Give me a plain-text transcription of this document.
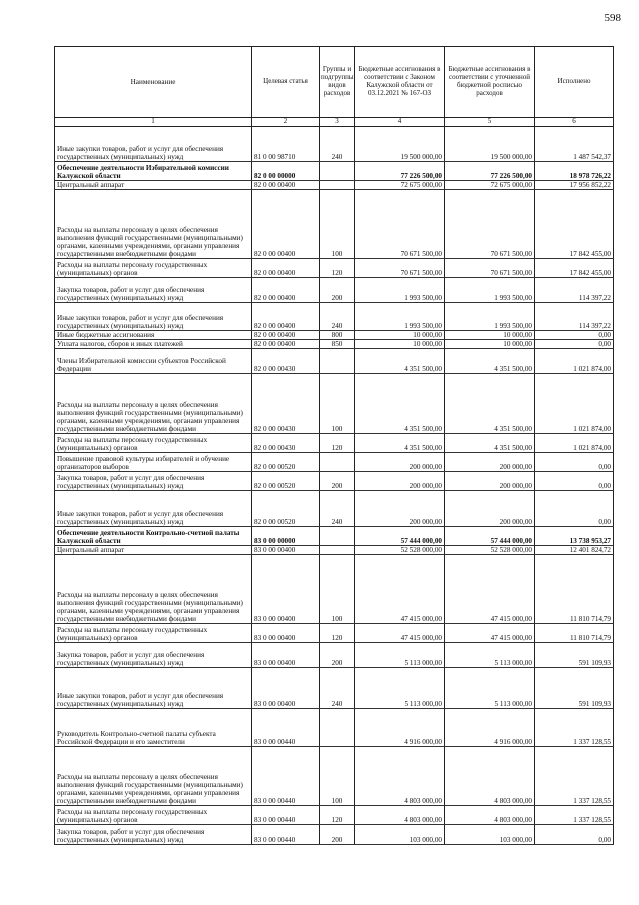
598
Наименование	Целевая статья	Группы и подгруппы видов расходов	Бюджетные ассигнования в соответствии с Законом Калужской области от 03.12.2021 № 167-ОЗ	Бюджетные ассигнования в соответствии с уточненной бюджетной росписью расходов	Исполнено
1	2	3	4	5	6
Иные закупки товаров, работ и услуг для обеспечения государственных (муниципальных) нужд	81 0 00 98710	240	19 500 000,00	19 500 000,00	1 487 542,37
Обеспечение деятельности Избирательной комиссии Калужской области	82 0 00 00000		77 226 500,00	77 226 500,00	18 978 726,22
Центральный аппарат	82 0 00 00400		72 675 000,00	72 675 000,00	17 956 852,22
Расходы на выплаты персоналу в целях обеспечения выполнения функций государственными (муниципальными) органами, казенными учреждениями, органами управления государственными внебюджетными фондами	82 0 00 00400	100	70 671 500,00	70 671 500,00	17 842 455,00
Расходы на выплаты персоналу государственных (муниципальных) органов	82 0 00 00400	120	70 671 500,00	70 671 500,00	17 842 455,00
Закупка товаров, работ и услуг для обеспечения государственных (муниципальных) нужд	82 0 00 00400	200	1 993 500,00	1 993 500,00	114 397,22
Иные закупки товаров, работ и услуг для обеспечения государственных (муниципальных) нужд	82 0 00 00400	240	1 993 500,00	1 993 500,00	114 397,22
Иные бюджетные ассигнования	82 0 00 00400	800	10 000,00	10 000,00	0,00
Уплата налогов, сборов и иных платежей	82 0 00 00400	850	10 000,00	10 000,00	0,00
Члены Избирательной комиссии субъектов Российской Федерации	82 0 00 00430		4 351 500,00	4 351 500,00	1 021 874,00
Расходы на выплаты персоналу в целях обеспечения выполнения функций государственными (муниципальными) органами, казенными учреждениями, органами управления государственными внебюджетными фондами	82 0 00 00430	100	4 351 500,00	4 351 500,00	1 021 874,00
Расходы на выплаты персоналу государственных (муниципальных) органов	82 0 00 00430	120	4 351 500,00	4 351 500,00	1 021 874,00
Повышение правовой культуры избирателей и обучение организаторов выборов	82 0 00 00520		200 000,00	200 000,00	0,00
Закупка товаров, работ и услуг для обеспечения государственных (муниципальных) нужд	82 0 00 00520	200	200 000,00	200 000,00	0,00
Иные закупки товаров, работ и услуг для обеспечения государственных (муниципальных) нужд	82 0 00 00520	240	200 000,00	200 000,00	0,00
Обеспечение деятельности Контрольно-счетной палаты Калужской области	83 0 00 00000		57 444 000,00	57 444 000,00	13 738 953,27
Центральный аппарат	83 0 00 00400		52 528 000,00	52 528 000,00	12 401 824,72
Расходы на выплаты персоналу в целях обеспечения выполнения функций государственными (муниципальными) органами, казенными учреждениями, органами управления государственными внебюджетными фондами	83 0 00 00400	100	47 415 000,00	47 415 000,00	11 810 714,79
Расходы на выплаты персоналу государственных (муниципальных) органов	83 0 00 00400	120	47 415 000,00	47 415 000,00	11 810 714,79
Закупка товаров, работ и услуг для обеспечения государственных (муниципальных) нужд	83 0 00 00400	200	5 113 000,00	5 113 000,00	591 109,93
Иные закупки товаров, работ и услуг для обеспечения государственных (муниципальных) нужд	83 0 00 00400	240	5 113 000,00	5 113 000,00	591 109,93
Руководитель Контрольно-счетной палаты субъекта Российской Федерации и его заместители	83 0 00 00440		4 916 000,00	4 916 000,00	1 337 128,55
Расходы на выплаты персоналу в целях обеспечения выполнения функций государственными (муниципальными) органами, казенными учреждениями, органами управления государственными внебюджетными фондами	83 0 00 00440	100	4 803 000,00	4 803 000,00	1 337 128,55
Расходы на выплаты персоналу государственных (муниципальных) органов	83 0 00 00440	120	4 803 000,00	4 803 000,00	1 337 128,55
Закупка товаров, работ и услуг для обеспечения государственных (муниципальных) нужд	83 0 00 00440	200	103 000,00	103 000,00	0,00
